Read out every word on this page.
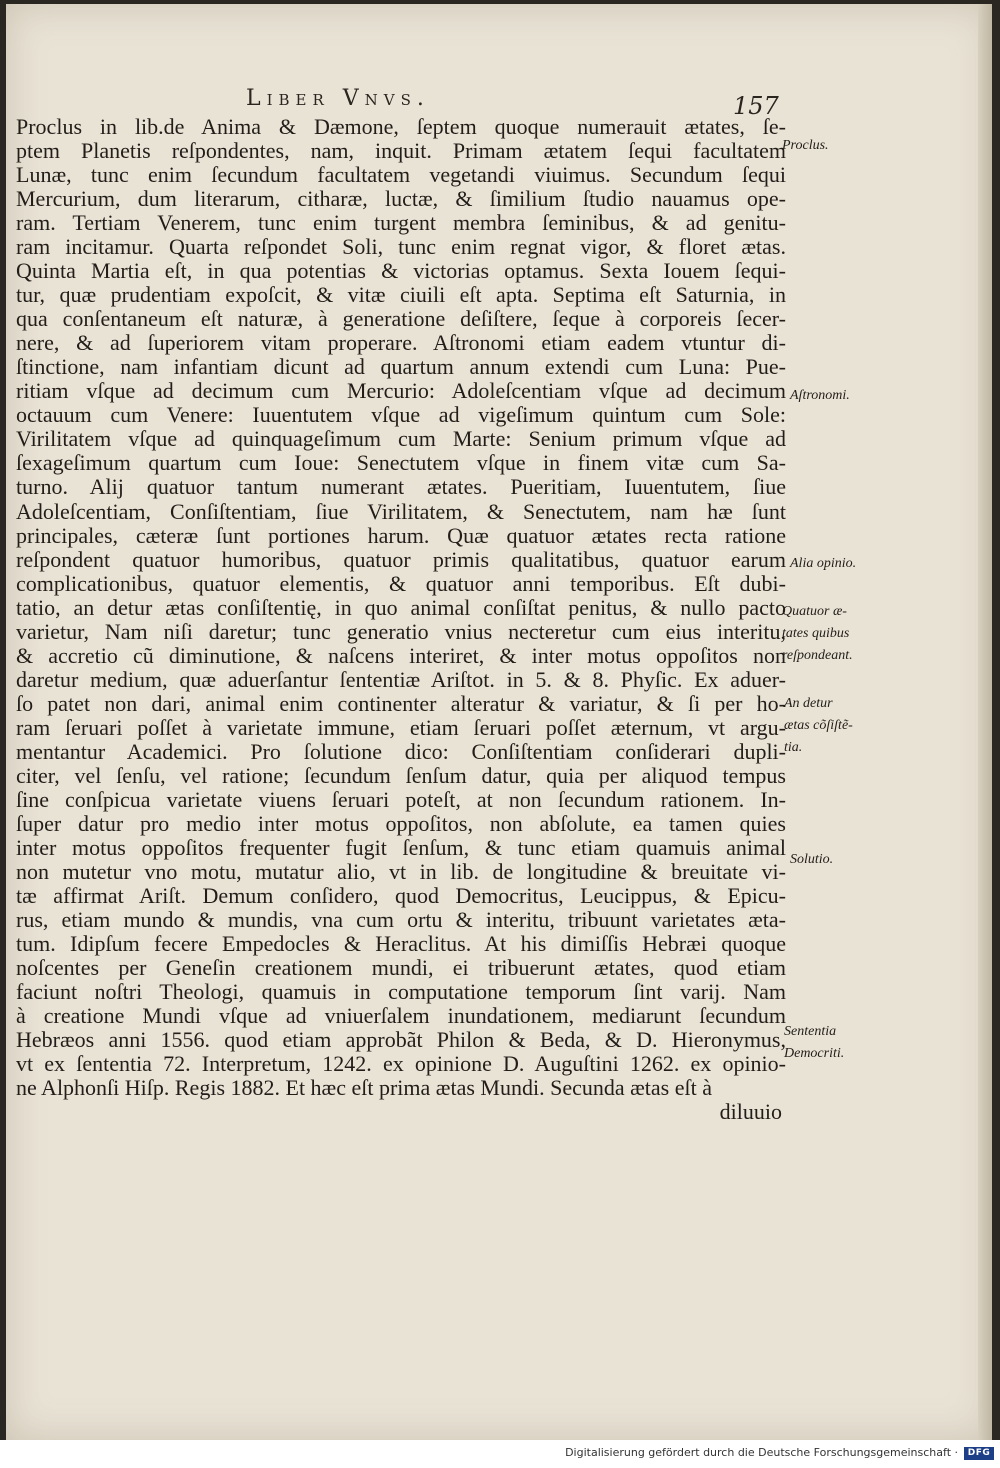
Liber Vnvs.	157
Proclus in lib.de Anima & Dæmone, ſeptem quoque numerauit ætates, ſe-
ptem Planetis reſpondentes, nam, inquit. Primam ætatem ſequi facultatem
Lunæ, tunc enim ſecundum facultatem vegetandi viuimus. Secundum ſequi
Mercurium, dum literarum, citharæ, luctæ, & ſimilium ſtudio nauamus ope-
ram. Tertiam Venerem, tunc enim turgent membra ſeminibus, & ad genitu-
ram incitamur. Quarta reſpondet Soli, tunc enim regnat vigor, & floret ætas.
Quinta Martia eſt, in qua potentias & victorias optamus. Sexta Iouem ſequi-
tur, quæ prudentiam expoſcit, & vitæ ciuili eſt apta. Septima eſt Saturnia, in
qua conſentaneum eſt naturæ, à generatione deſiſtere, ſeque à corporeis ſecer-
nere, & ad ſuperiorem vitam properare. Aſtronomi etiam eadem vtuntur di-
ſtinctione, nam infantiam dicunt ad quartum annum extendi cum Luna: Pue-
ritiam vſque ad decimum cum Mercurio: Adoleſcentiam vſque ad decimum
octauum cum Venere: Iuuentutem vſque ad vigeſimum quintum cum Sole:
Virilitatem vſque ad quinquageſimum cum Marte: Senium primum vſque ad
ſexageſimum quartum cum Ioue: Senectutem vſque in finem vitæ cum Sa-
turno. Alij quatuor tantum numerant ætates. Pueritiam, Iuuentutem, ſiue
Adoleſcentiam, Conſiſtentiam, ſiue Virilitatem, & Senectutem, nam hæ ſunt
principales, cæteræ ſunt portiones harum. Quæ quatuor ætates recta ratione
reſpondent quatuor humoribus, quatuor primis qualitatibus, quatuor earum
complicationibus, quatuor elementis, & quatuor anni temporibus. Eſt dubi-
tatio, an detur ætas conſiſtentię, in quo animal conſiſtat penitus, & nullo pacto
varietur, Nam niſi daretur; tunc generatio vnius necteretur cum eius interitu,
& accretio cũ diminutione, & naſcens interiret, & inter motus oppoſitos non
daretur medium, quæ aduerſantur ſententiæ Ariſtot. in 5. & 8. Phyſic. Ex aduer-
ſo patet non dari, animal enim continenter alteratur & variatur, & ſi per ho-
ram ſeruari poſſet à varietate immune, etiam ſeruari poſſet æternum, vt argu-
mentantur Academici. Pro ſolutione dico: Conſiſtentiam conſiderari dupli-
citer, vel ſenſu, vel ratione; ſecundum ſenſum datur, quia per aliquod tempus
ſine conſpicua varietate viuens ſeruari poteſt, at non ſecundum rationem. In-
ſuper datur pro medio inter motus oppoſitos, non abſolute, ea tamen quies
inter motus oppoſitos frequenter fugit ſenſum, & tunc etiam quamuis animal
non mutetur vno motu, mutatur alio, vt in lib. de longitudine & breuitate vi-
tæ affirmat Ariſt. Demum conſidero, quod Democritus, Leucippus, & Epicu-
rus, etiam mundo & mundis, vna cum ortu & interitu, tribuunt varietates æta-
tum. Idipſum fecere Empedocles & Heraclitus. At his dimiſſis Hebræi quoque
noſcentes per Geneſin creationem mundi, ei tribuerunt ætates, quod etiam
faciunt noſtri Theologi, quamuis in computatione temporum ſint varij. Nam
à creatione Mundi vſque ad vniuerſalem inundationem, mediarunt ſecundum
Hebræos anni 1556. quod etiam approbãt Philon & Beda, & D. Hieronymus,
vt ex ſententia 72. Interpretum, 1242. ex opinione D. Auguſtini 1262. ex opinio-
ne Alphonſi Hiſp. Regis 1882. Et hæc eſt prima ætas Mundi. Secunda ætas eſt à
diluuio
Proclus.
Aſtronomi.
Alia opinio.
Quatuor æ-
tates quibus
reſpondeant.
An detur
ætas cõſiſtẽ-
tia.
Solutio.
Sententia
Democriti.
Digitalisierung gefördert durch die Deutsche Forschungsgemeinschaft ·	DFG
